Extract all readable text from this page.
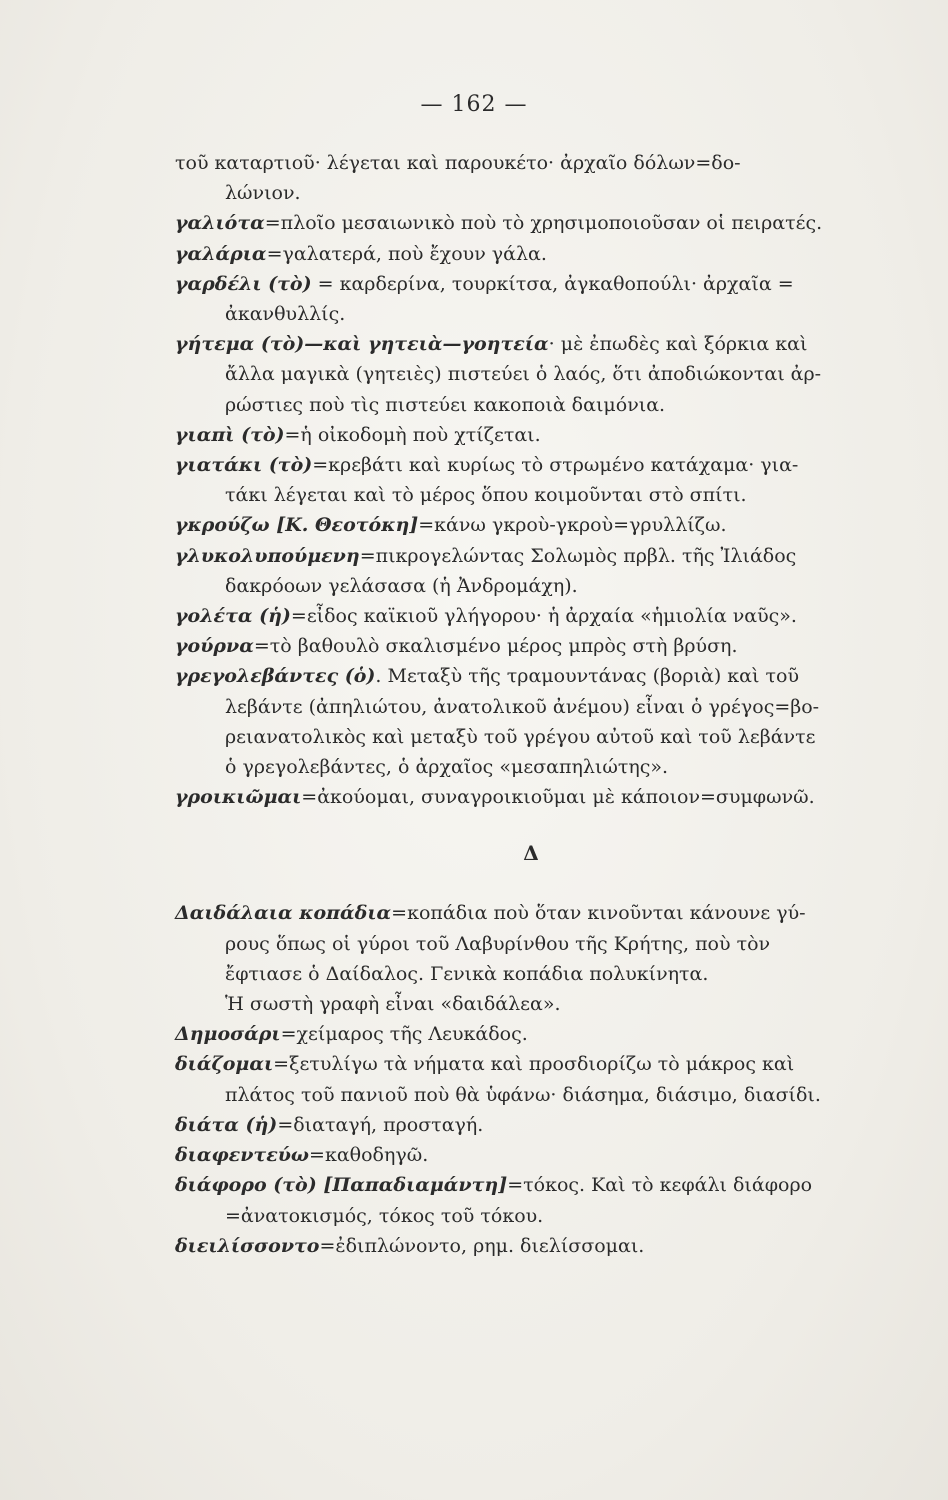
— 162 —

τοῦ καταρτιοῦ· λέγεται καὶ παρουκέτο· ἀρχαῖο δόλων=δο-
λώνιον.

γαλιότα=πλοῖο μεσαιωνικὸ ποὺ τὸ χρησιμοποιοῦσαν οἱ πειρατές.

γαλάρια=γαλατερά, ποὺ ἔχουν γάλα.

γαρδέλι (τὸ) = καρδερίνα, τουρκίτσα, ἀγκαθοπούλι· ἀρχαῖα =
ἀκανθυλλίς.

γήτεμα (τὸ)—καὶ γητειὰ—γοητεία· μὲ ἐπωδὲς καὶ ξόρκια καὶ
ἄλλα μαγικὰ (γητειὲς) πιστεύει ὁ λαός, ὅτι ἀποδιώκονται ἀρ-
ρώστιες ποὺ τὶς πιστεύει κακοποιὰ δαιμόνια.

γιαπὶ (τὸ)=ἡ οἰκοδομὴ ποὺ χτίζεται.

γιατάκι (τὸ)=κρεβάτι καὶ κυρίως τὸ στρωμένο κατάχαμα· για-
τάκι λέγεται καὶ τὸ μέρος ὅπου κοιμοῦνται στὸ σπίτι.

γκρούζω [Κ. Θεοτόκη]=κάνω γκροὺ-γκροὺ=γρυλλίζω.

γλυκολυπούμενη=πικρογελώντας Σολωμὸς πρβλ. τῆς Ἰλιάδος
δακρόοων γελάσασα (ἡ Ἀνδρομάχη).

γολέτα (ἡ)=εἶδος καϊκιοῦ γλήγορου· ἡ ἀρχαία «ἡμιολία ναῦς».

γούρνα=τὸ βαθουλὸ σκαλισμένο μέρος μπρὸς στὴ βρύση.

γρεγολεβάντες (ὁ). Μεταξὺ τῆς τραμουντάνας (βοριὰ) καὶ τοῦ
λεβάντε (ἀπηλιώτου, ἀνατολικοῦ ἀνέμου) εἶναι ὁ γρέγος=βο-
ρειανατολικὸς καὶ μεταξὺ τοῦ γρέγου αὐτοῦ καὶ τοῦ λεβάντε
ὁ γρεγολεβάντες, ὁ ἀρχαῖος «μεσαπηλιώτης».

γροικιῶμαι=ἀκούομαι, συναγροικιοῦμαι μὲ κάποιον=συμφωνῶ.

Δ

Δαιδάλαια κοπάδια=κοπάδια ποὺ ὅταν κινοῦνται κάνουνε γύ-
ρους ὅπως οἱ γύροι τοῦ Λαβυρίνθου τῆς Κρήτης, ποὺ τὸν
ἔφτιασε ὁ Δαίδαλος. Γενικὰ κοπάδια πολυκίνητα.
Ἡ σωστὴ γραφὴ εἶναι «δαιδάλεα».

Δημοσάρι=χείμαρος τῆς Λευκάδος.

διάζομαι=ξετυλίγω τὰ νήματα καὶ προσδιορίζω τὸ μάκρος καὶ
πλάτος τοῦ πανιοῦ ποὺ θὰ ὑφάνω· διάσημα, διάσιμο, διασίδι.

διάτα (ἡ)=διαταγή, προσταγή.

διαφεντεύω=καθοδηγῶ.

διάφορο (τὸ) [Παπαδιαμάντη]=τόκος. Καὶ τὸ κεφάλι διάφορο
=ἀνατοκισμός, τόκος τοῦ τόκου.

διειλίσσοντο=ἐδιπλώνοντο, ρημ. διελίσσομαι.
